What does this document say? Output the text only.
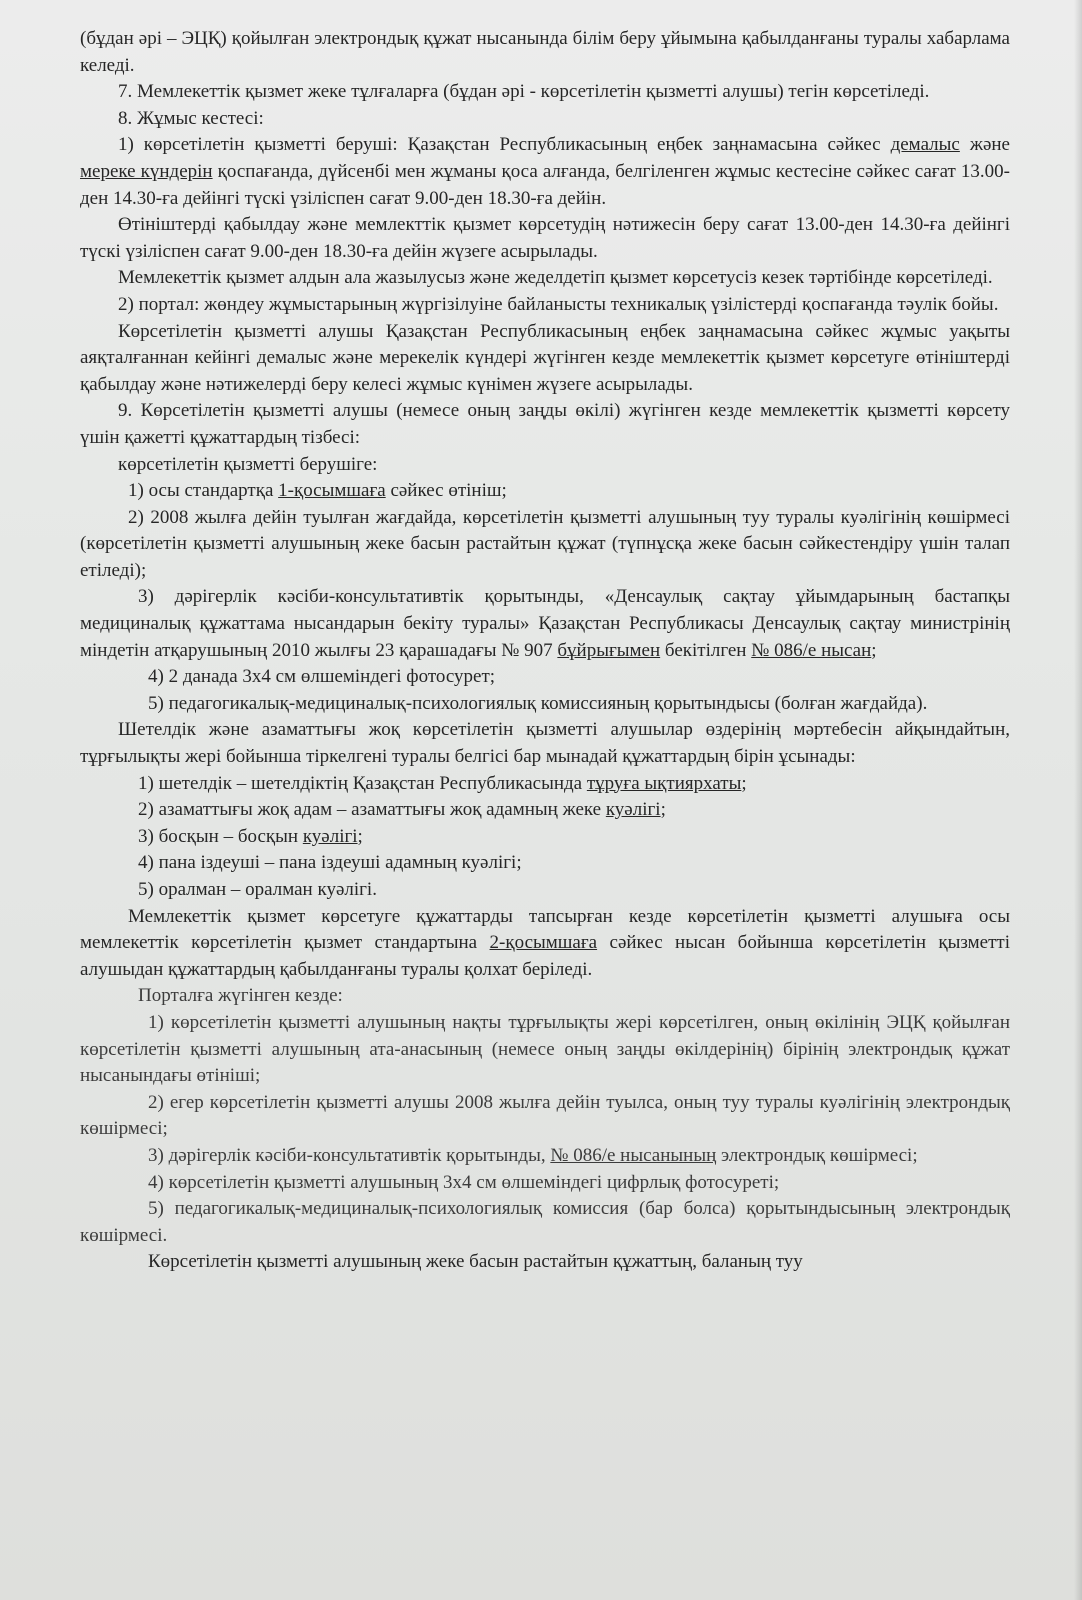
(бұдан әрі – ЭЦҚ) қойылған электрондық құжат нысанында білім беру ұйымына қабылданғаны туралы хабарлама келеді.

7. Мемлекеттік қызмет жеке тұлғаларға (бұдан әрі - көрсетілетін қызметті алушы) тегін көрсетіледі.

8. Жұмыс кестесі:

1) көрсетілетін қызметті беруші: Қазақстан Республикасының еңбек заңнамасына сәйкес демалыс және мереке күндерін қоспағанда, дүйсенбі мен жұманы қоса алғанда, белгіленген жұмыс кестесіне сәйкес сағат 13.00-ден 14.30-ға дейінгі түскі үзіліспен сағат 9.00-ден 18.30-ға дейін.

Өтініштерді қабылдау және мемлекттік қызмет көрсетудің нәтижесін беру сағат 13.00-ден 14.30-ға дейінгі түскі үзіліспен сағат 9.00-ден 18.30-ға дейін жүзеге асырылады.

Мемлекеттік қызмет алдын ала жазылусыз және жеделдетіп қызмет көрсетусіз кезек тәртібінде көрсетіледі.

2) портал: жөндеу жұмыстарының жүргізілуіне байланысты техникалық үзілістерді қоспағанда тәулік бойы.

Көрсетілетін қызметті алушы Қазақстан Республикасының еңбек заңнамасына сәйкес жұмыс уақыты аяқталғаннан кейінгі демалыс және мерекелік күндері жүгінген кезде мемлекеттік қызмет көрсетуге өтініштерді қабылдау және нәтижелерді беру келесі жұмыс күнімен жүзеге асырылады.

9. Көрсетілетін қызметті алушы (немесе оның заңды өкілі) жүгінген кезде мемлекеттік қызметті көрсету үшін қажетті құжаттардың тізбесі:

көрсетілетін қызметті берушіге:

1) осы стандартқа 1-қосымшаға сәйкес өтініш;

2) 2008 жылға дейін туылған жағдайда, көрсетілетін қызметті алушының туу туралы куәлігінің көшірмесі (көрсетілетін қызметті алушының жеке басын растайтын құжат (түпнұсқа жеке басын сәйкестендіру үшін талап етіледі);

3) дәрігерлік кәсіби-консультативтік қорытынды, «Денсаулық сақтау ұйымдарының бастапқы медициналық құжаттама нысандарын бекіту туралы» Қазақстан Республикасы Денсаулық сақтау министрінің міндетін атқарушының 2010 жылғы 23 қарашадағы № 907 бұйрығымен бекітілген № 086/е нысан;

4) 2 данада 3х4 см өлшеміндегі фотосурет;

5) педагогикалық-медициналық-психологиялық комиссияның қорытындысы (болған жағдайда).

Шетелдік және азаматтығы жоқ көрсетілетін қызметті алушылар өздерінің мәртебесін айқындайтын, тұрғылықты жері бойынша тіркелгені туралы белгісі бар мынадай құжаттардың бірін ұсынады:

1) шетелдік – шетелдіктің Қазақстан Республикасында тұруға ықтиярхаты;

2) азаматтығы жоқ адам – азаматтығы жоқ адамның жеке куәлігі;

3) босқын – босқын куәлігі;

4) пана іздеуші – пана іздеуші адамның куәлігі;

5) оралман – оралман куәлігі.

Мемлекеттік қызмет көрсетуге құжаттарды тапсырған кезде көрсетілетін қызметті алушыға осы мемлекеттік көрсетілетін қызмет стандартына 2-қосымшаға сәйкес нысан бойынша көрсетілетін қызметті алушыдан құжаттардың қабылданғаны туралы қолхат беріледі.

Порталға жүгінген кезде:

1) көрсетілетін қызметті алушының нақты тұрғылықты жері көрсетілген, оның өкілінің ЭЦҚ қойылған көрсетілетін қызметті алушының ата-анасының (немесе оның заңды өкілдерінің) бірінің электрондық құжат нысанындағы өтініші;

2) егер көрсетілетін қызметті алушы 2008 жылға дейін туылса, оның туу туралы куәлігінің электрондық көшірмесі;

3) дәрігерлік кәсіби-консультативтік қорытынды, № 086/е нысанының электрондық көшірмесі;

4) көрсетілетін қызметті алушының 3х4 см өлшеміндегі цифрлық фотосуреті;

5) педагогикалық-медициналық-психологиялық комиссия (бар болса) қорытындысының электрондық көшірмесі.

Көрсетілетін қызметті алушының жеке басын растайтын құжаттың, баланың туу
